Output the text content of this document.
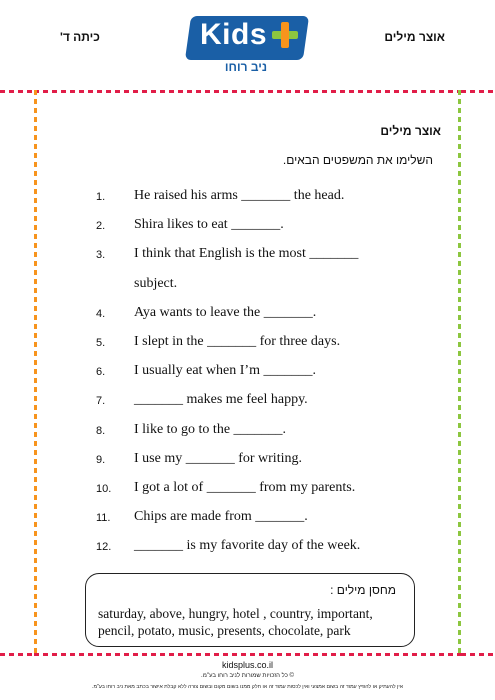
אוצר מילים
כיתה ד'	Kids
ניב רוחו
אוצר מילים
השלימו את המשפטים הבאים.
1.	He raised his arms _______ the head.
2.	Shira likes to eat _______.
3.	I think that English is the most _______
subject.
4.	Aya wants to leave the _______.
5.	I slept in the _______ for three days.
6.	I usually eat when I’m _______.
7.	_______ makes me feel happy.
8.	I like to go to the _______.
9.	I use my _______ for writing.
10.	I got a lot of _______ from my parents.
11.	Chips are made from _______.
12.	_______ is my favorite day of the week.
מחסן מילים :
saturday, above, hungry, hotel , country, important,
pencil, potato, music, presents, chocolate, park
kidsplus.co.il
© כל הזכויות שמורות לניב רוחו בע"מ.
אין להעתיק או להפיץ עמוד זה בשום אמצעי ואין לכסות עמוד זה או חלק ממנו בשום מקום ובשום צורה ללא קבלת אישור בכתב מאת ניב רוחו בע"מ.
